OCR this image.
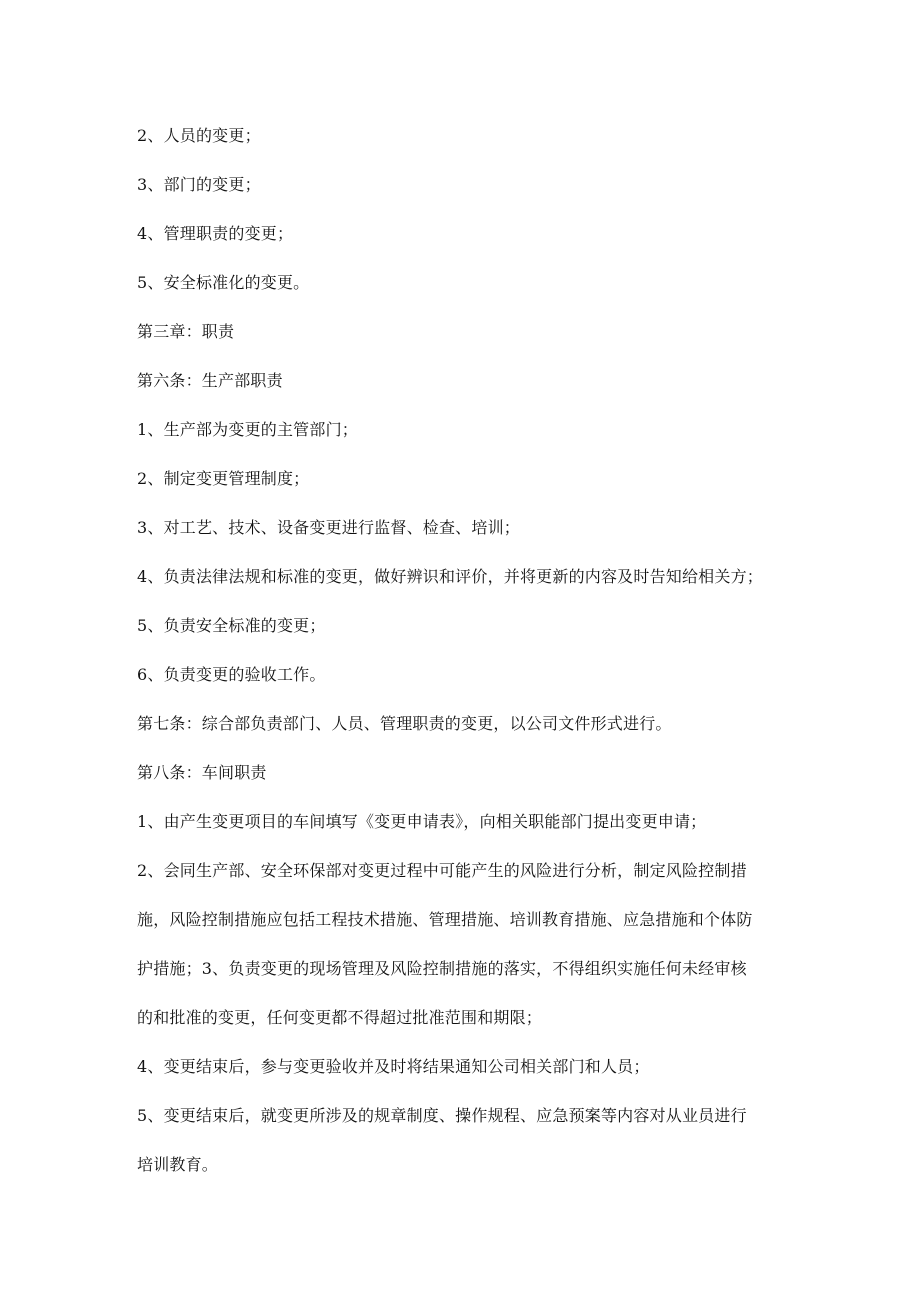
2、人员的变更；
3、部门的变更；
4、管理职责的变更；
5、安全标准化的变更。
第三章：职责
第六条：生产部职责
1、生产部为变更的主管部门；
2、制定变更管理制度；
3、对工艺、技术、设备变更进行监督、检查、培训；
4、负责法律法规和标准的变更，做好辨识和评价，并将更新的内容及时告知给相关方；
5、负责安全标准的变更；
6、负责变更的验收工作。
第七条：综合部负责部门、人员、管理职责的变更，以公司文件形式进行。
第八条：车间职责
1、由产生变更项目的车间填写《变更申请表》，向相关职能部门提出变更申请；
2、会同生产部、安全环保部对变更过程中可能产生的风险进行分析，制定风险控制措
施，风险控制措施应包括工程技术措施、管理措施、培训教育措施、应急措施和个体防
护措施；3、负责变更的现场管理及风险控制措施的落实，不得组织实施任何未经审核
的和批准的变更，任何变更都不得超过批准范围和期限；
4、变更结束后，参与变更验收并及时将结果通知公司相关部门和人员；
5、变更结束后，就变更所涉及的规章制度、操作规程、应急预案等内容对从业员进行
培训教育。
